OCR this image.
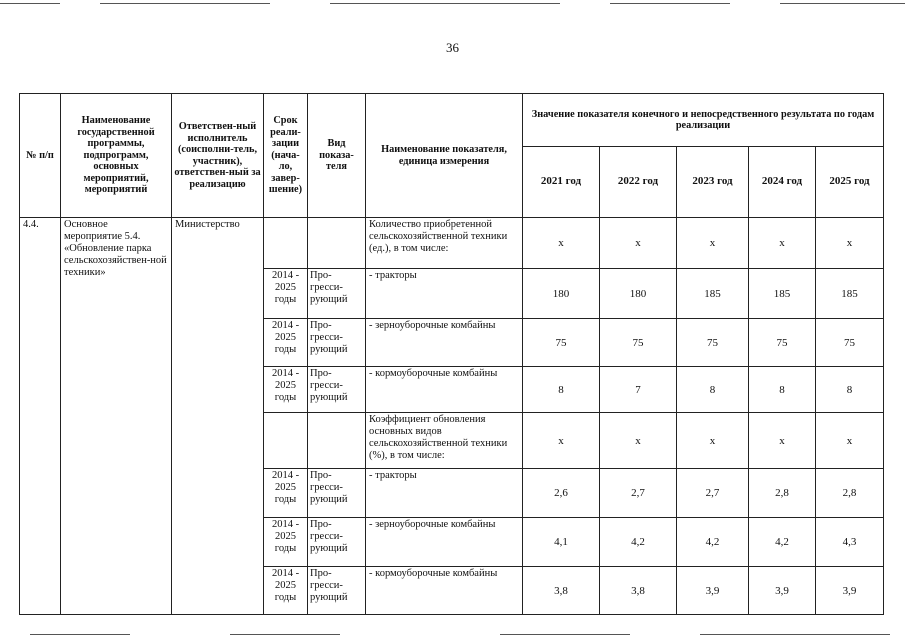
36
№ п/п	Наименование государственной программы, подпрограмм, основных мероприятий, мероприятий	Ответствен-ный исполнитель (соисполни-тель, участник), ответствен-ный за реализацию	Срок реали-зации (нача-ло, завер-шение)	Вид показа-теля	Наименование показателя, единица измерения	Значение показателя конечного и непосредственного результата по годам реализации				
						2021 год	2022 год	2023 год	2024 год	2025 год
4.4.	Основное мероприятие 5.4. «Обновление парка сельскохозяйствен-ной техники»	Министерство			Количество приобретенной сельскохозяйственной техники (ед.), в том числе:	x	x	x	x	x
			2014 - 2025 годы	Про-гресси-рующий	- тракторы	180	180	185	185	185
			2014 - 2025 годы	Про-гресси-рующий	- зерноуборочные комбайны	75	75	75	75	75
			2014 - 2025 годы	Про-гресси-рующий	- кормоуборочные комбайны	8	7	8	8	8
					Коэффициент обновления основных видов сельскохозяйственной техники (%), в том числе:	x	x	x	x	x
			2014 - 2025 годы	Про-гресси-рующий	- тракторы	2,6	2,7	2,7	2,8	2,8
			2014 - 2025 годы	Про-гресси-рующий	- зерноуборочные комбайны	4,1	4,2	4,2	4,2	4,3
			2014 - 2025 годы	Про-гресси-рующий	- кормоуборочные комбайны	3,8	3,8	3,9	3,9	3,9
